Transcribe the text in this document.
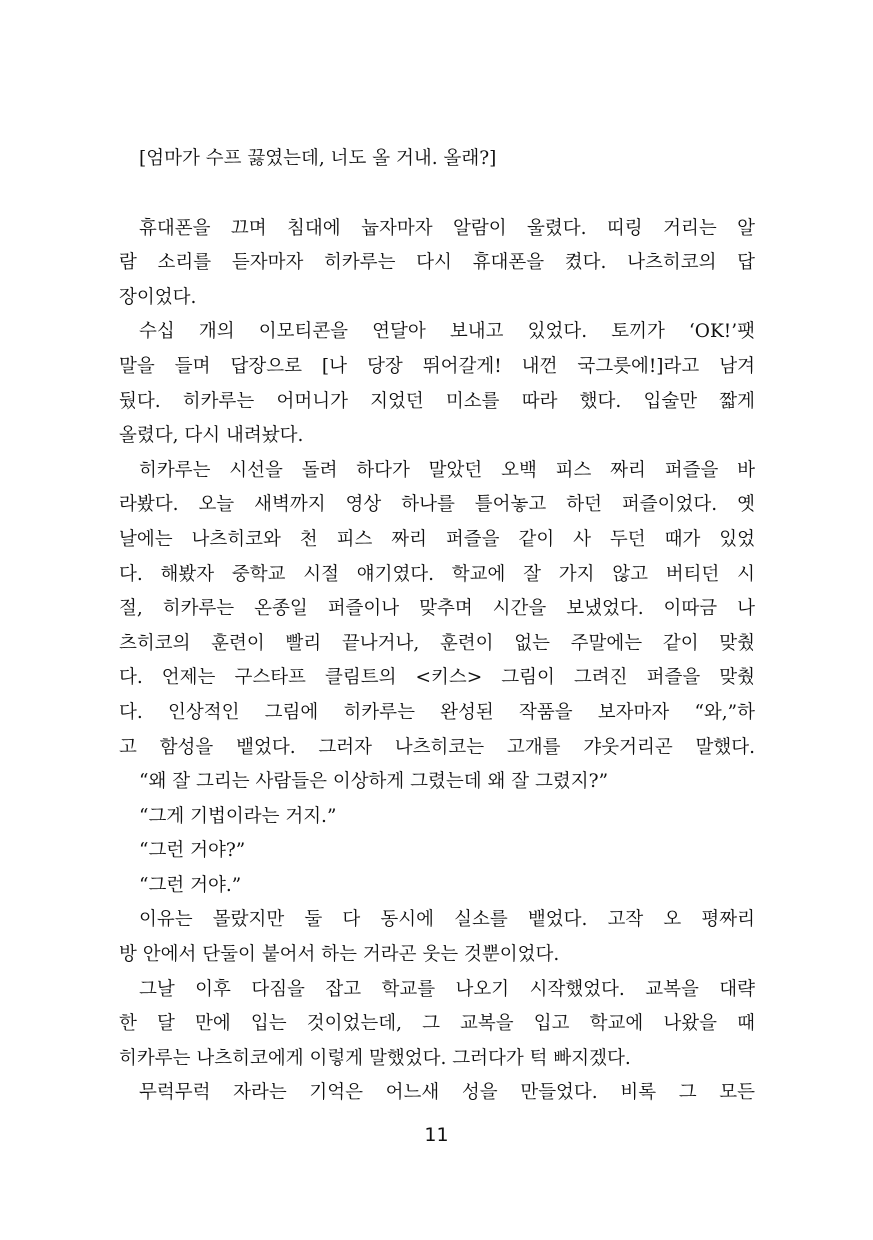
[엄마가 수프 끓였는데, 너도 올 거내. 올래?]
휴대폰을 끄며 침대에 눕자마자 알람이 울렸다. 띠링 거리는 알
람 소리를 듣자마자 히카루는 다시 휴대폰을 켰다. 나츠히코의 답
장이었다.
수십 개의 이모티콘을 연달아 보내고 있었다. 토끼가 ‘OK!’팻
말을 들며 답장으로 [나 당장 뛰어갈게! 내껀 국그릇에!]라고 남겨
뒀다. 히카루는 어머니가 지었던 미소를 따라 했다. 입술만 짧게
올렸다, 다시 내려놨다.
히카루는 시선을 돌려 하다가 말았던 오백 피스 짜리 퍼즐을 바
라봤다. 오늘 새벽까지 영상 하나를 틀어놓고 하던 퍼즐이었다. 옛
날에는 나츠히코와 천 피스 짜리 퍼즐을 같이 사 두던 때가 있었
다. 해봤자 중학교 시절 얘기였다. 학교에 잘 가지 않고 버티던 시
절, 히카루는 온종일 퍼즐이나 맞추며 시간을 보냈었다. 이따금 나
츠히코의 훈련이 빨리 끝나거나, 훈련이 없는 주말에는 같이 맞췄
다. 언제는 구스타프 클림트의 <키스> 그림이 그려진 퍼즐을 맞췄
다. 인상적인 그림에 히카루는 완성된 작품을 보자마자 “와,”하
고 함성을 뱉었다. 그러자 나츠히코는 고개를 갸웃거리곤 말했다.
“왜 잘 그리는 사람들은 이상하게 그렸는데 왜 잘 그렸지?”
“그게 기법이라는 거지.”
“그런 거야?”
“그런 거야.”
이유는 몰랐지만 둘 다 동시에 실소를 뱉었다. 고작 오 평짜리
방 안에서 단둘이 붙어서 하는 거라곤 웃는 것뿐이었다.
그날 이후 다짐을 잡고 학교를 나오기 시작했었다. 교복을 대략
한 달 만에 입는 것이었는데, 그 교복을 입고 학교에 나왔을 때
히카루는 나츠히코에게 이렇게 말했었다. 그러다가 턱 빠지겠다.
무럭무럭 자라는 기억은 어느새 성을 만들었다. 비록 그 모든
11
